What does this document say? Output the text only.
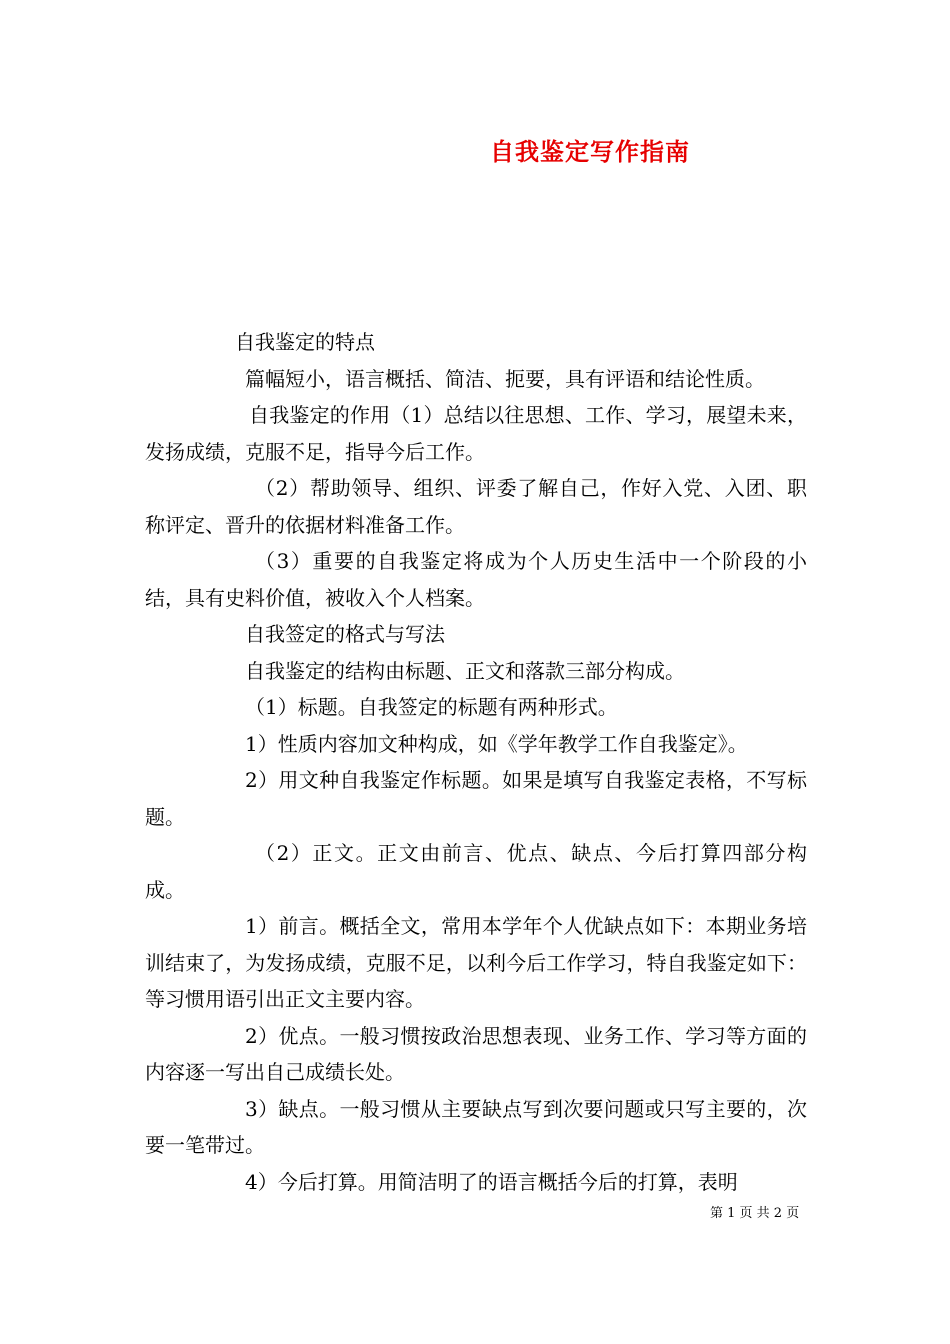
自我鉴定写作指南

自我鉴定的特点

篇幅短小，语言概括、简洁、扼要，具有评语和结论性质。

自我鉴定的作用（1）总结以往思想、工作、学习，展望未来，发扬成绩，克服不足，指导今后工作。

（2）帮助领导、组织、评委了解自己，作好入党、入团、职称评定、晋升的依据材料准备工作。

（3）重要的自我鉴定将成为个人历史生活中一个阶段的小结，具有史料价值，被收入个人档案。

自我签定的格式与写法

自我鉴定的结构由标题、正文和落款三部分构成。

（1）标题。自我签定的标题有两种形式。

1）性质内容加文种构成，如《学年教学工作自我鉴定》。

2）用文种自我鉴定作标题。如果是填写自我鉴定表格，不写标题。

（2）正文。正文由前言、优点、缺点、今后打算四部分构成。

1）前言。概括全文，常用本学年个人优缺点如下：本期业务培训结束了，为发扬成绩，克服不足，以利今后工作学习，特自我鉴定如下：等习惯用语引出正文主要内容。

2）优点。一般习惯按政治思想表现、业务工作、学习等方面的内容逐一写出自己成绩长处。

3）缺点。一般习惯从主要缺点写到次要问题或只写主要的，次要一笔带过。

4）今后打算。用简洁明了的语言概括今后的打算，表明

第 1 页 共 2 页
